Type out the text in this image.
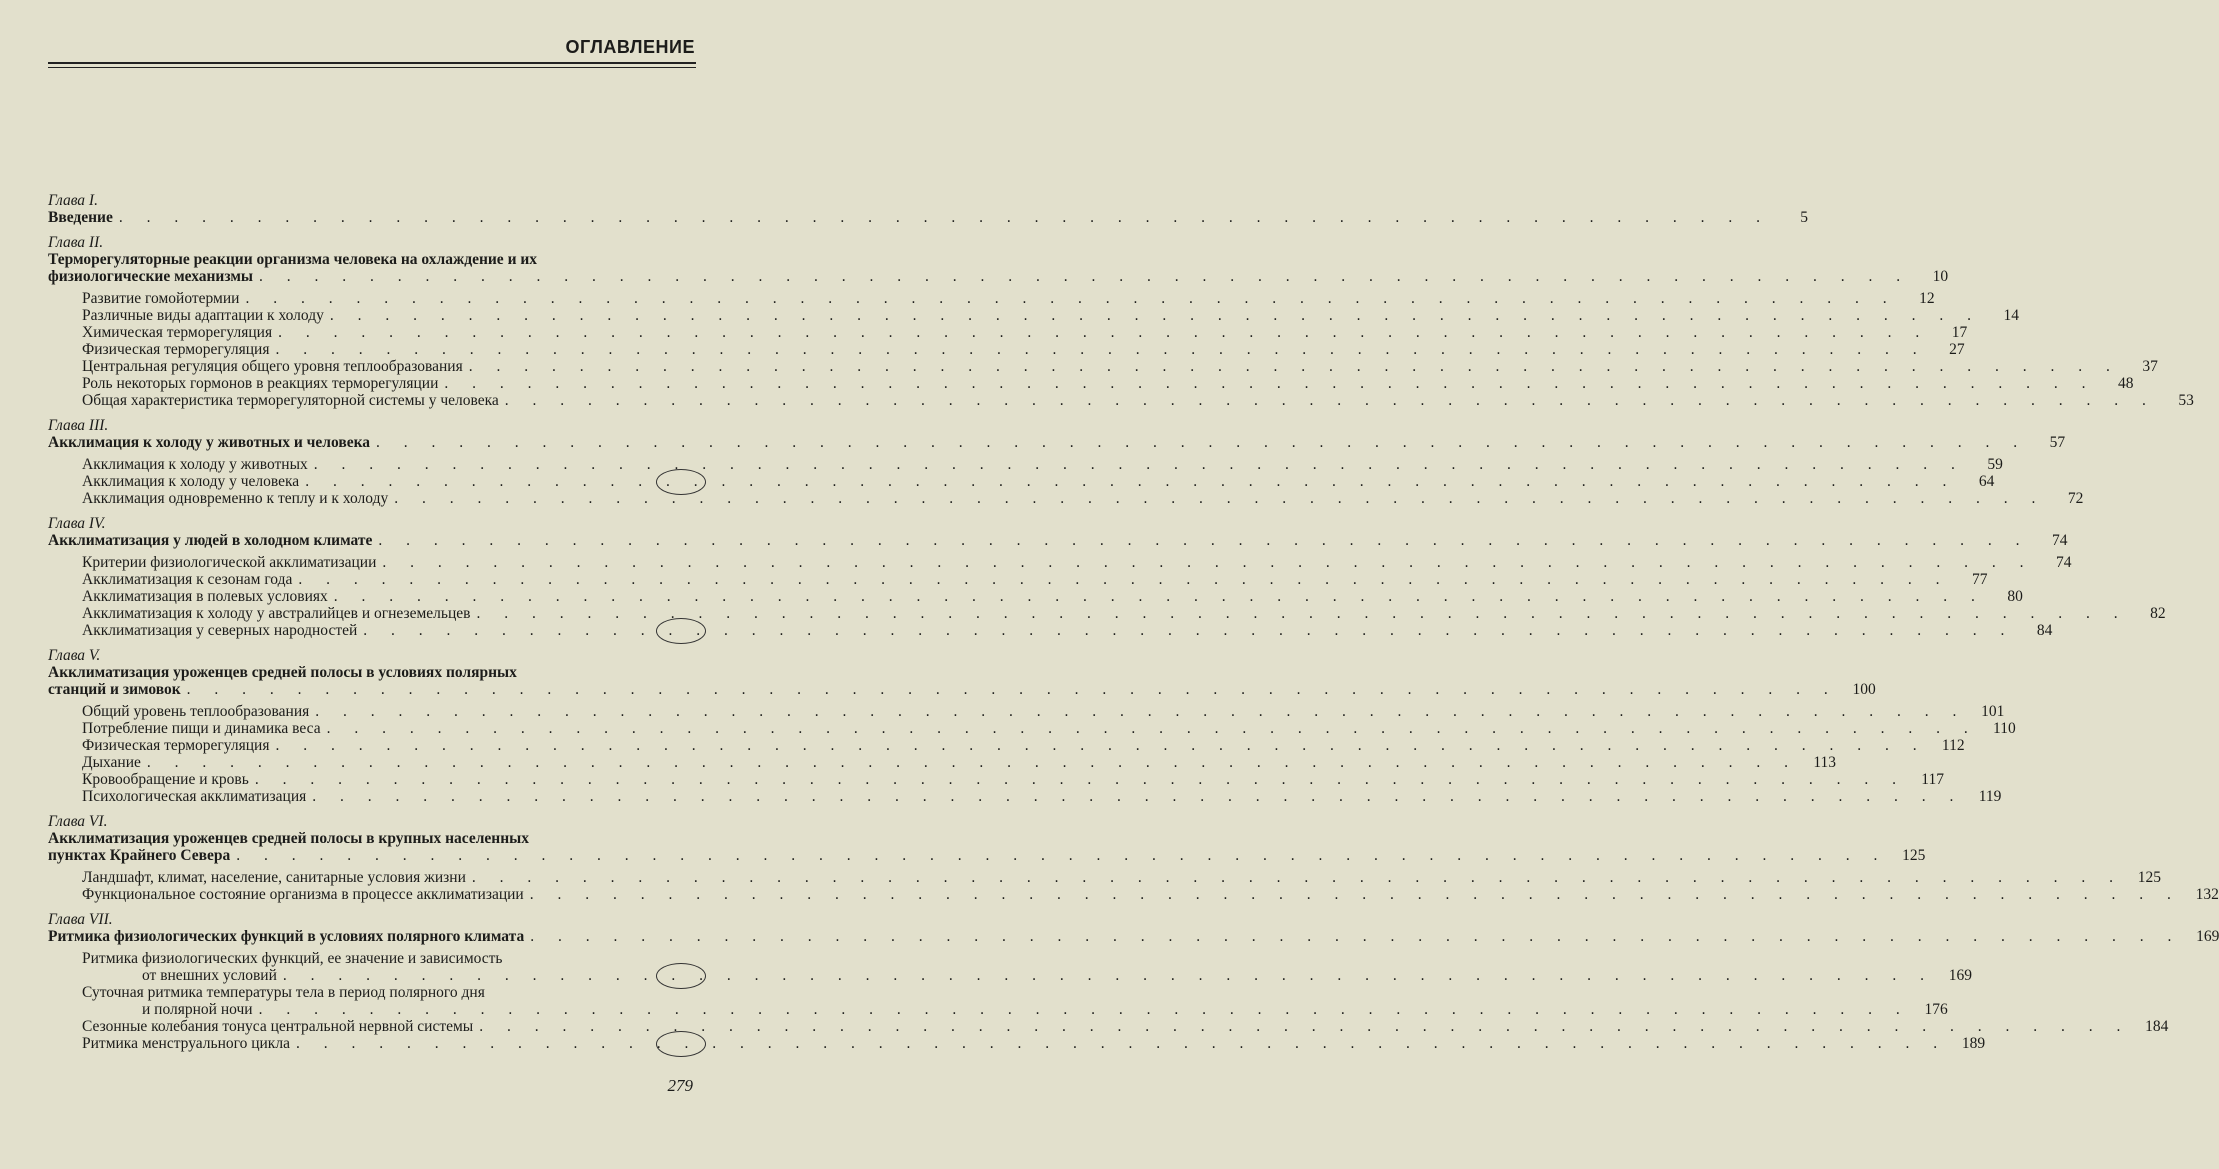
ОГЛАВЛЕНИЕ
Глава I.
Введение . . . . . . . . . . . . . . . . . . . . . . . . . . . . . . . . . . . . . . . . . . . . . . . . . . . . . . . . . . . .	5
Глава II.
Терморегуляторные реакции организма человека на охлаждение и их
физиологические механизмы . . . . . . . . . . . . . . . . . . . . . . . . . . . . . . . . . . . . . . . . . . . . . . . . . . . . . . . . . . . .	10
Развитие гомойотермии . . . . . . . . . . . . . . . . . . . . . . . . . . . . . . . . . . . . . . . . . . . . . . . . . . . . . . . . . . . .	12
Различные виды адаптации к холоду . . . . . . . . . . . . . . . . . . . . . . . . . . . . . . . . . . . . . . . . . . . . . . . . . . . . . . . . . . . .	14
Химическая терморегуляция . . . . . . . . . . . . . . . . . . . . . . . . . . . . . . . . . . . . . . . . . . . . . . . . . . . . . . . . . . . .	17
Физическая терморегуляция . . . . . . . . . . . . . . . . . . . . . . . . . . . . . . . . . . . . . . . . . . . . . . . . . . . . . . . . . . . .	27
Центральная регуляция общего уровня теплообразования . . . . . . . . . . . . . . . . . . . . . . . . . . . . . . . . . . . . . . . . . . . . . . . . . . . . . . . . . . . .	37
Роль некоторых гормонов в реакциях терморегуляции . . . . . . . . . . . . . . . . . . . . . . . . . . . . . . . . . . . . . . . . . . . . . . . . . . . . . . . . . . . .	48
Общая характеристика терморегуляторной системы у человека . . . . . . . . . . . . . . . . . . . . . . . . . . . . . . . . . . . . . . . . . . . . . . . . . . . . . . . . . . . .	53
Глава III.
Акклимация к холоду у животных и человека . . . . . . . . . . . . . . . . . . . . . . . . . . . . . . . . . . . . . . . . . . . . . . . . . . . . . . . . . . . .	57
Акклимация к холоду у животных . . . . . . . . . . . . . . . . . . . . . . . . . . . . . . . . . . . . . . . . . . . . . . . . . . . . . . . . . . . .	59
Акклимация к холоду у человека . . . . . . . . . . . . . . . . . . . . . . . . . . . . . . . . . . . . . . . . . . . . . . . . . . . . . . . . . . . .	64
Акклимация одновременно к теплу и к холоду . . . . . . . . . . . . . . . . . . . . . . . . . . . . . . . . . . . . . . . . . . . . . . . . . . . . . . . . . . . .	72
Глава IV.
Акклиматизация у людей в холодном климате . . . . . . . . . . . . . . . . . . . . . . . . . . . . . . . . . . . . . . . . . . . . . . . . . . . . . . . . . . . .	74
Критерии физиологической акклиматизации . . . . . . . . . . . . . . . . . . . . . . . . . . . . . . . . . . . . . . . . . . . . . . . . . . . . . . . . . . . .	74
Акклиматизация к сезонам года . . . . . . . . . . . . . . . . . . . . . . . . . . . . . . . . . . . . . . . . . . . . . . . . . . . . . . . . . . . .	77
Акклиматизация в полевых условиях . . . . . . . . . . . . . . . . . . . . . . . . . . . . . . . . . . . . . . . . . . . . . . . . . . . . . . . . . . . .	80
Акклиматизация к холоду у австралийцев и огнеземельцев . . . . . . . . . . . . . . . . . . . . . . . . . . . . . . . . . . . . . . . . . . . . . . . . . . . . . . . . . . . .	82
Акклиматизация у северных народностей . . . . . . . . . . . . . . . . . . . . . . . . . . . . . . . . . . . . . . . . . . . . . . . . . . . . . . . . . . . .	84
Глава V.
Акклиматизация уроженцев средней полосы в условиях полярных
станций и зимовок . . . . . . . . . . . . . . . . . . . . . . . . . . . . . . . . . . . . . . . . . . . . . . . . . . . . . . . . . . . . 100
Общий уровень теплообразования . . . . . . . . . . . . . . . . . . . . . . . . . . . . . . . . . . . . . . . . . . . . . . . . . . . . . . . . . . . . 101
Потребление пищи и динамика веса . . . . . . . . . . . . . . . . . . . . . . . . . . . . . . . . . . . . . . . . . . . . . . . . . . . . . . . . . . . . 110
Физическая терморегуляция . . . . . . . . . . . . . . . . . . . . . . . . . . . . . . . . . . . . . . . . . . . . . . . . . . . . . . . . . . . . 112
Дыхание . . . . . . . . . . . . . . . . . . . . . . . . . . . . . . . . . . . . . . . . . . . . . . . . . . . . . . . . . . . . 113
Кровообращение и кровь . . . . . . . . . . . . . . . . . . . . . . . . . . . . . . . . . . . . . . . . . . . . . . . . . . . . . . . . . . . . 117
Психологическая акклиматизация . . . . . . . . . . . . . . . . . . . . . . . . . . . . . . . . . . . . . . . . . . . . . . . . . . . . . . . . . . . . 119
Глава VI.
Акклиматизация уроженцев средней полосы в крупных населенных
пунктах Крайнего Севера . . . . . . . . . . . . . . . . . . . . . . . . . . . . . . . . . . . . . . . . . . . . . . . . . . . . . . . . . . . . 125
Ландшафт, климат, население, санитарные условия жизни . . . . . . . . . . . . . . . . . . . . . . . . . . . . . . . . . . . . . . . . . . . . . . . . . . . . . . . . . . . . 125
Функциональное состояние организма в процессе акклиматизации . . . . . . . . . . . . . . . . . . . . . . . . . . . . . . . . . . . . . . . . . . . . . . . . . . . . . . . . . . . . 132
Глава VII.
Ритмика физиологических функций в условиях полярного климата . . . . . . . . . . . . . . . . . . . . . . . . . . . . . . . . . . . . . . . . . . . . . . . . . . . . . . . . . . . . 169
Ритмика физиологических функций, ее значение и зависимость
от внешних условий . . . . . . . . . . . . . . . . . . . . . . . . . . . . . . . . . . . . . . . . . . . . . . . . . . . . . . . . . . . . 169
Суточная ритмика температуры тела в период полярного дня
и полярной ночи . . . . . . . . . . . . . . . . . . . . . . . . . . . . . . . . . . . . . . . . . . . . . . . . . . . . . . . . . . . . 176
Сезонные колебания тонуса центральной нервной системы . . . . . . . . . . . . . . . . . . . . . . . . . . . . . . . . . . . . . . . . . . . . . . . . . . . . . . . . . . . . 184
Ритмика менструального цикла . . . . . . . . . . . . . . . . . . . . . . . . . . . . . . . . . . . . . . . . . . . . . . . . . . . . . . . . . . . . 189
279
